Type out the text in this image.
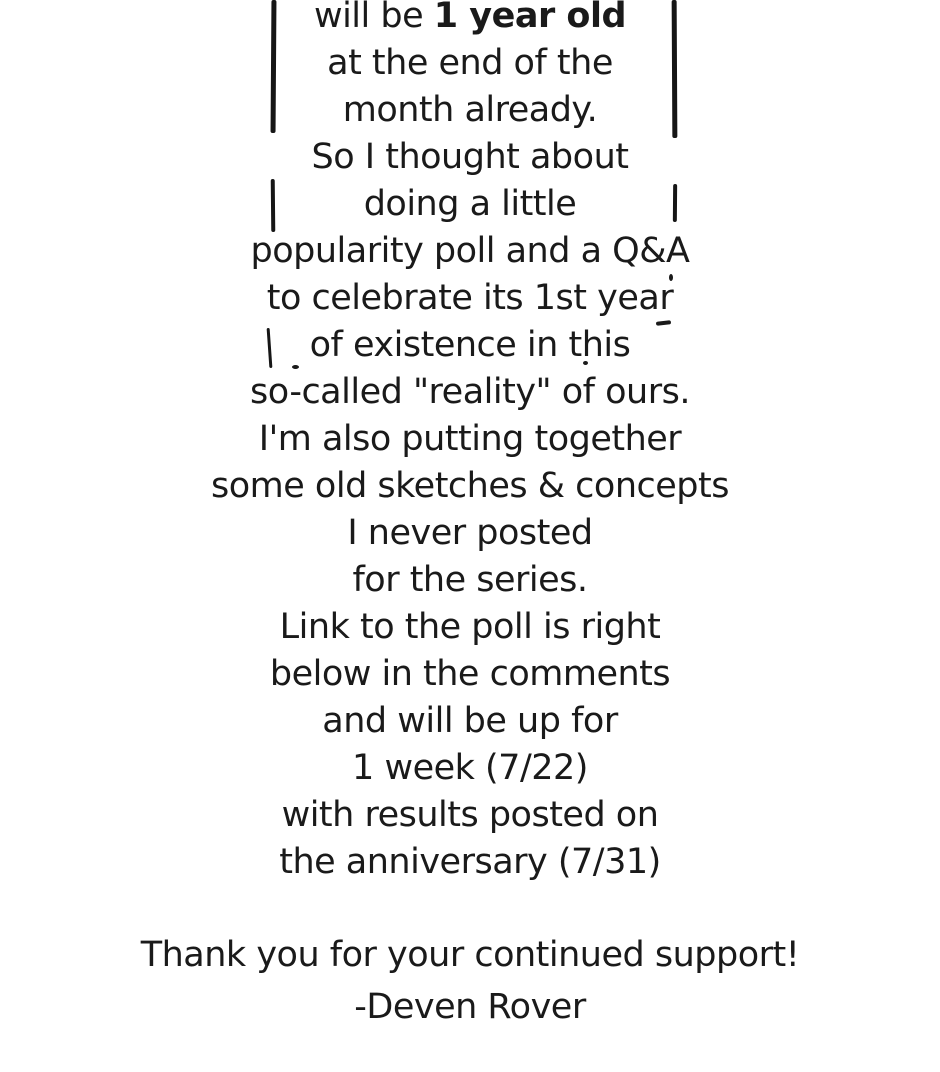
will be 1 year old
at the end of the
month already.
So I thought about
doing a little
popularity poll and a Q&A
to celebrate its 1st year
of existence in this
so-called "reality" of ours.
I'm also putting together
some old sketches & concepts
I never posted
for the series.
Link to the poll is right
below in the comments
and will be up for
1 week (7/22)
with results posted on
the anniversary (7/31)
Thank you for your continued support!
-Deven Rover
